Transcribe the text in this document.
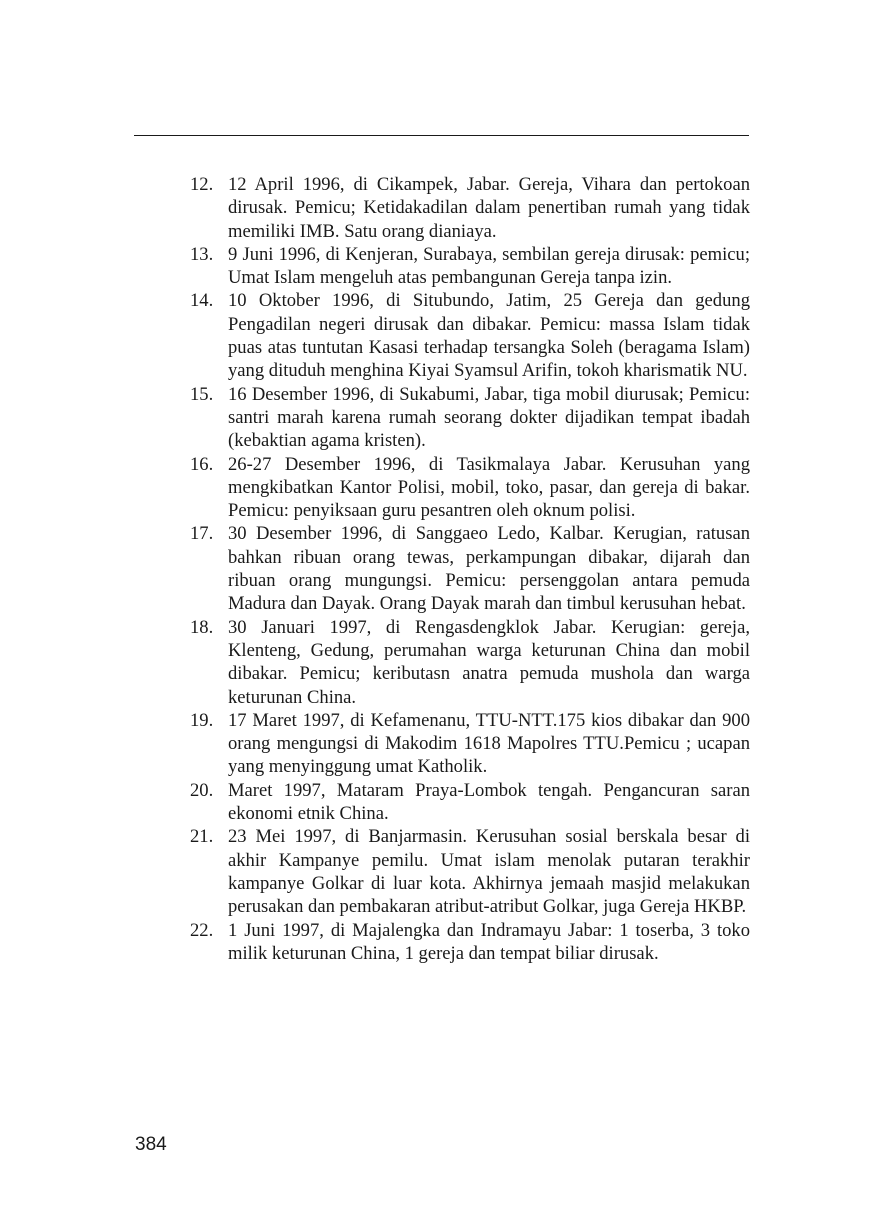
12. 12 April 1996, di Cikampek, Jabar. Gereja, Vihara dan pertokoan dirusak. Pemicu; Ketidakadilan dalam penertiban rumah yang tidak memiliki IMB. Satu orang dianiaya.
13. 9 Juni 1996, di Kenjeran, Surabaya, sembilan gereja dirusak: pemicu; Umat Islam mengeluh atas pembangunan Gereja tanpa izin.
14. 10 Oktober 1996, di Situbundo, Jatim, 25 Gereja dan gedung Pengadilan negeri dirusak dan dibakar. Pemicu: massa Islam tidak puas atas tuntutan Kasasi terhadap tersangka Soleh (beragama Islam) yang dituduh menghina Kiyai Syamsul Arifin, tokoh kharismatik NU.
15. 16 Desember 1996, di Sukabumi, Jabar, tiga mobil diurusak; Pemicu: santri marah karena rumah seorang dokter dijadikan tempat ibadah (kebaktian agama kristen).
16. 26-27 Desember 1996, di Tasikmalaya Jabar. Kerusuhan yang mengkibatkan Kantor Polisi, mobil, toko, pasar, dan gereja di bakar. Pemicu: penyiksaan guru pesantren oleh oknum polisi.
17. 30 Desember 1996, di Sanggaeo Ledo, Kalbar. Kerugian, ratusan bahkan ribuan orang tewas, perkampungan dibakar, dijarah dan ribuan orang mungungsi. Pemicu: persenggolan antara pemuda Madura dan Dayak. Orang Dayak marah dan timbul kerusuhan hebat.
18. 30 Januari 1997, di Rengasdengklok Jabar. Kerugian: gereja, Klenteng, Gedung, perumahan warga keturunan China dan mobil dibakar. Pemicu; keributasn anatra pemuda mushola dan warga keturunan China.
19. 17 Maret 1997, di Kefamenanu, TTU-NTT.175 kios dibakar dan 900 orang mengungsi di Makodim 1618 Mapolres TTU.Pemicu ; ucapan yang menyinggung umat Katholik.
20. Maret 1997, Mataram Praya-Lombok tengah. Pengancuran saran ekonomi etnik China.
21. 23 Mei 1997, di Banjarmasin. Kerusuhan sosial berskala besar di akhir Kampanye pemilu. Umat islam menolak putaran terakhir kampanye Golkar di luar kota. Akhirnya jemaah masjid melakukan perusakan dan pembakaran atribut-atribut Golkar, juga Gereja HKBP.
22. 1 Juni 1997, di Majalengka dan Indramayu Jabar: 1 toserba, 3 toko milik keturunan China, 1 gereja dan tempat biliar dirusak.
384
